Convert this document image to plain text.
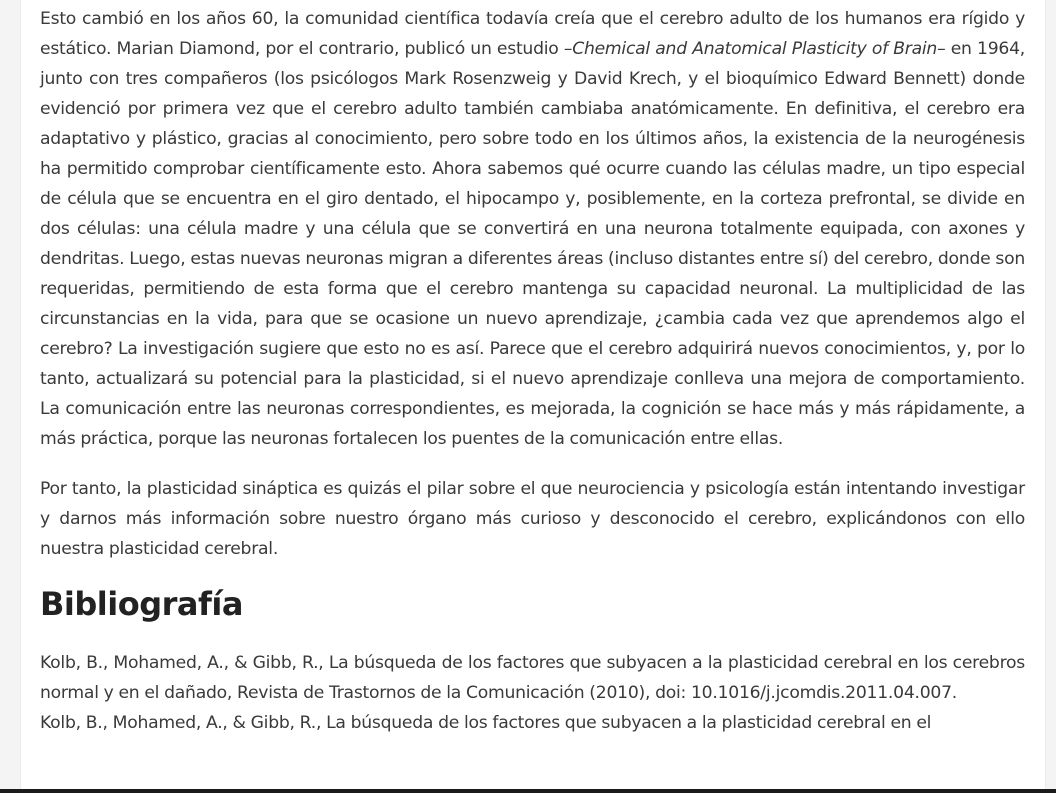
Esto cambió en los años 60, la comunidad científica todavía creía que el cerebro adulto de los humanos era rígido y estático. Marian Diamond, por el contrario, publicó un estudio –Chemical and Anatomical Plasticity of Brain– en 1964, junto con tres compañeros (los psicólogos Mark Rosenzweig y David Krech, y el bioquímico Edward Bennett) donde evidenció por primera vez que el cerebro adulto también cambiaba anatómicamente. En definitiva, el cerebro era adaptativo y plástico, gracias al conocimiento, pero sobre todo en los últimos años, la existencia de la neurogénesis ha permitido comprobar científicamente esto. Ahora sabemos qué ocurre cuando las células madre, un tipo especial de célula que se encuentra en el giro dentado, el hipocampo y, posiblemente, en la corteza prefrontal, se divide en dos células: una célula madre y una célula que se convertirá en una neurona totalmente equipada, con axones y dendritas. Luego, estas nuevas neuronas migran a diferentes áreas (incluso distantes entre sí) del cerebro, donde son requeridas, permitiendo de esta forma que el cerebro mantenga su capacidad neuronal. La multiplicidad de las circunstancias en la vida, para que se ocasione un nuevo aprendizaje, ¿cambia cada vez que aprendemos algo el cerebro? La investigación sugiere que esto no es así. Parece que el cerebro adquirirá nuevos conocimientos, y, por lo tanto, actualizará su potencial para la plasticidad, si el nuevo aprendizaje conlleva una mejora de comportamiento. La comunicación entre las neuronas correspondientes, es mejorada, la cognición se hace más y más rápidamente, a más práctica, porque las neuronas fortalecen los puentes de la comunicación entre ellas.

Por tanto, la plasticidad sináptica es quizás el pilar sobre el que neurociencia y psicología están intentando investigar y darnos más información sobre nuestro órgano más curioso y desconocido el cerebro, explicándonos con ello nuestra plasticidad cerebral.

Bibliografía
Kolb, B., Mohamed, A., & Gibb, R., La búsqueda de los factores que subyacen a la plasticidad cerebral en los cerebros normal y en el dañado, Revista de Trastornos de la Comunicación (2010), doi: 10.1016/j.jcomdis.2011.04.007.
Kolb, B., Mohamed, A., & Gibb, R., La búsqueda de los factores que subyacen a la plasticidad cerebral en el
